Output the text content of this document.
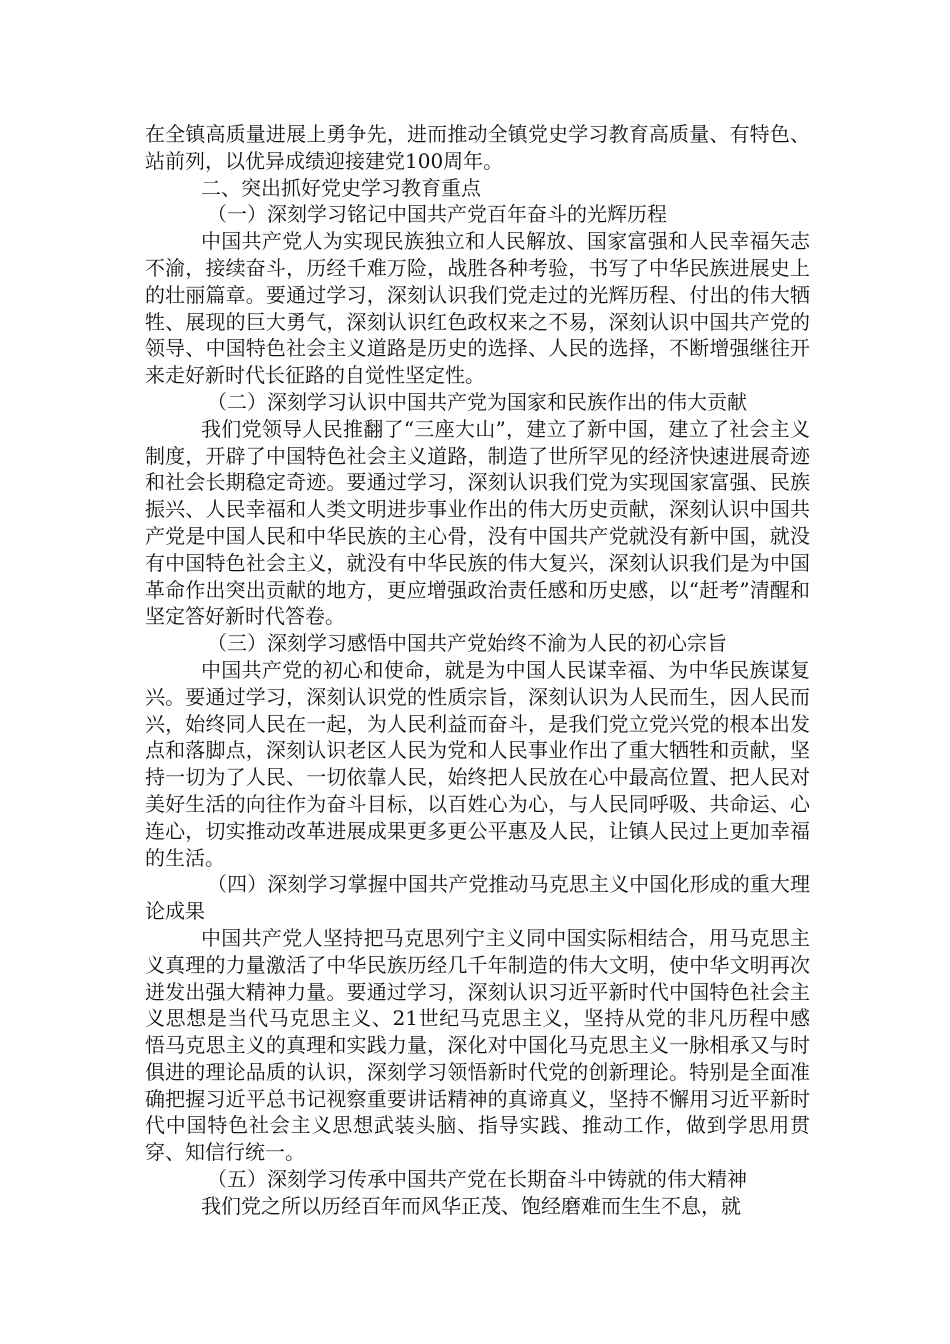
在全镇高质量进展上勇争先，进而推动全镇党史学习教育高质量、有特色、站前列，以优异成绩迎接建党100周年。

二、突出抓好党史学习教育重点

（一）深刻学习铭记中国共产党百年奋斗的光辉历程

中国共产党人为实现民族独立和人民解放、国家富强和人民幸福矢志不渝，接续奋斗，历经千难万险，战胜各种考验，书写了中华民族进展史上的壮丽篇章。要通过学习，深刻认识我们党走过的光辉历程、付出的伟大牺牲、展现的巨大勇气，深刻认识红色政权来之不易，深刻认识中国共产党的领导、中国特色社会主义道路是历史的选择、人民的选择，不断增强继往开来走好新时代长征路的自觉性坚定性。

（二）深刻学习认识中国共产党为国家和民族作出的伟大贡献

我们党领导人民推翻了“三座大山”，建立了新中国，建立了社会主义制度，开辟了中国特色社会主义道路，制造了世所罕见的经济快速进展奇迹和社会长期稳定奇迹。要通过学习，深刻认识我们党为实现国家富强、民族振兴、人民幸福和人类文明进步事业作出的伟大历史贡献，深刻认识中国共产党是中国人民和中华民族的主心骨，没有中国共产党就没有新中国，就没有中国特色社会主义，就没有中华民族的伟大复兴，深刻认识我们是为中国革命作出突出贡献的地方，更应增强政治责任感和历史感，以“赶考”清醒和坚定答好新时代答卷。

（三）深刻学习感悟中国共产党始终不渝为人民的初心宗旨

中国共产党的初心和使命，就是为中国人民谋幸福、为中华民族谋复兴。要通过学习，深刻认识党的性质宗旨，深刻认识为人民而生，因人民而兴，始终同人民在一起，为人民利益而奋斗，是我们党立党兴党的根本出发点和落脚点，深刻认识老区人民为党和人民事业作出了重大牺牲和贡献，坚持一切为了人民、一切依靠人民，始终把人民放在心中最高位置、把人民对美好生活的向往作为奋斗目标，以百姓心为心，与人民同呼吸、共命运、心连心，切实推动改革进展成果更多更公平惠及人民，让镇人民过上更加幸福的生活。

（四）深刻学习掌握中国共产党推动马克思主义中国化形成的重大理论成果

中国共产党人坚持把马克思列宁主义同中国实际相结合，用马克思主义真理的力量激活了中华民族历经几千年制造的伟大文明，使中华文明再次迸发出强大精神力量。要通过学习，深刻认识习近平新时代中国特色社会主义思想是当代马克思主义、21世纪马克思主义，坚持从党的非凡历程中感悟马克思主义的真理和实践力量，深化对中国化马克思主义一脉相承又与时俱进的理论品质的认识，深刻学习领悟新时代党的创新理论。特别是全面准确把握习近平总书记视察重要讲话精神的真谛真义，坚持不懈用习近平新时代中国特色社会主义思想武装头脑、指导实践、推动工作，做到学思用贯穿、知信行统一。

（五）深刻学习传承中国共产党在长期奋斗中铸就的伟大精神

我们党之所以历经百年而风华正茂、饱经磨难而生生不息，就
